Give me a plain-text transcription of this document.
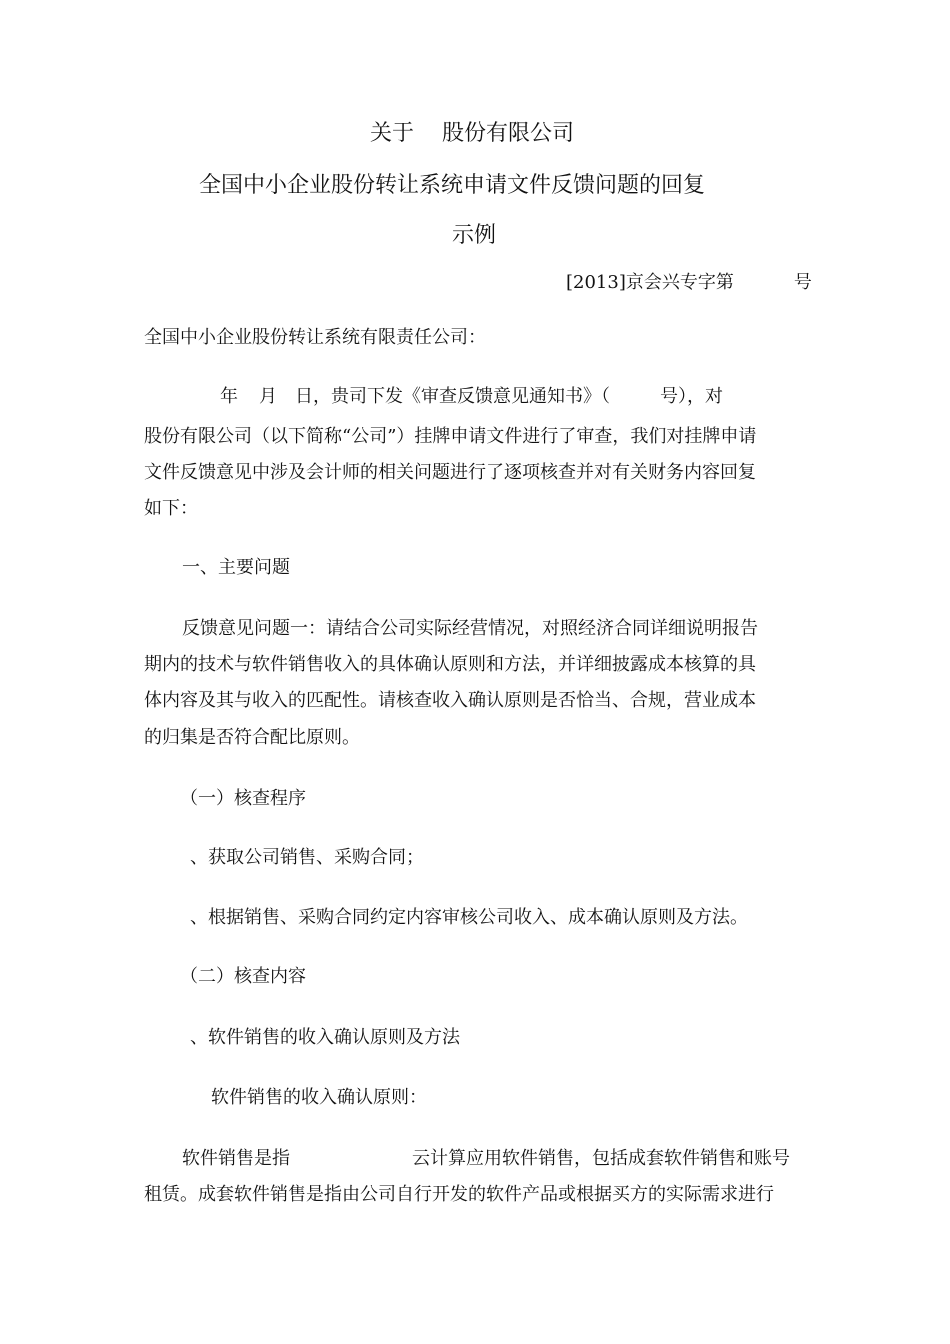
关于 股份有限公司
全国中小企业股份转让系统申请文件反馈问题的回复
示例
[2013]京会兴专字第	号
全国中小企业股份转让系统有限责任公司：
年 月 日，贵司下发《审查反馈意见通知书》（	号），对
股份有限公司（以下简称“公司”）挂牌申请文件进行了审查，我们对挂牌申请
文件反馈意见中涉及会计师的相关问题进行了逐项核查并对有关财务内容回复
如下：
一、主要问题
反馈意见问题一：请结合公司实际经营情况，对照经济合同详细说明报告
期内的技术与软件销售收入的具体确认原则和方法，并详细披露成本核算的具
体内容及其与收入的匹配性。请核查收入确认原则是否恰当、合规，营业成本
的归集是否符合配比原则。
（一）核查程序
、获取公司销售、采购合同；
、根据销售、采购合同约定内容审核公司收入、成本确认原则及方法。
（二）核查内容
、软件销售的收入确认原则及方法
软件销售的收入确认原则：
软件销售是指	云计算应用软件销售，包括成套软件销售和账号
租赁。成套软件销售是指由公司自行开发的软件产品或根据买方的实际需求进行
